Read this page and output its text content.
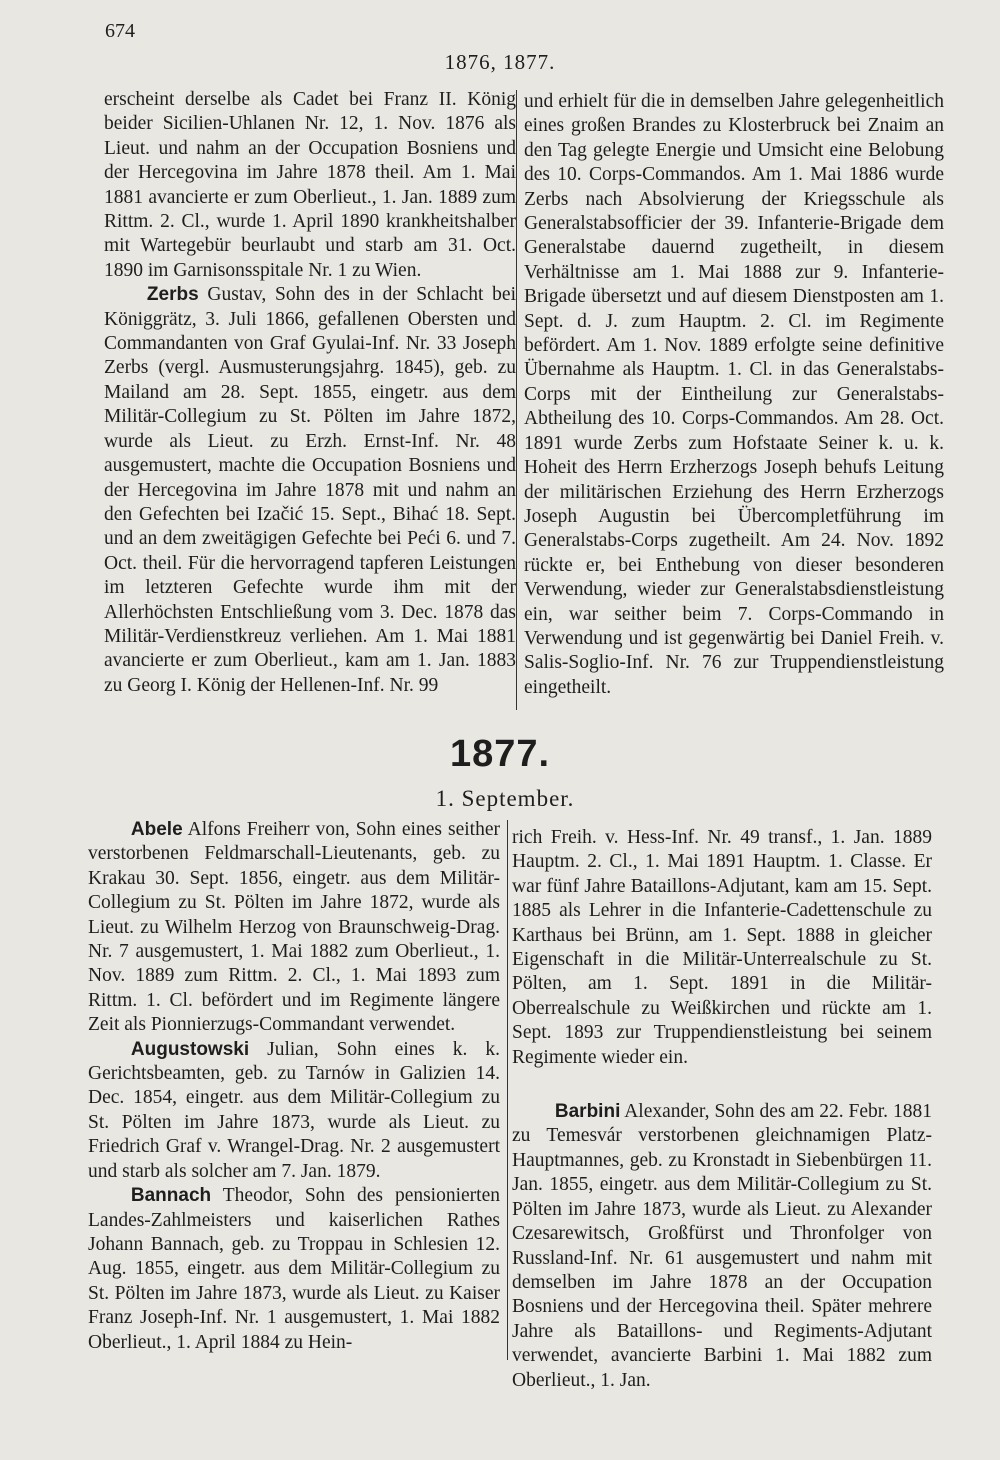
674
1876, 1877.

erscheint derselbe als Cadet bei Franz II. König beider Sicilien-Uhlanen Nr. 12, 1. Nov. 1876 als Lieut. und nahm an der Occupation Bosniens und der Hercegovina im Jahre 1878 theil. Am 1. Mai 1881 avancierte er zum Oberlieut., 1. Jan. 1889 zum Rittm. 2. Cl., wurde 1. April 1890 krankheitshalber mit Wartegebür beurlaubt und starb am 31. Oct. 1890 im Garnisonsspitale Nr. 1 zu Wien.

Zerbs Gustav, Sohn des in der Schlacht bei Königgrätz, 3. Juli 1866, gefallenen Obersten und Commandanten von Graf Gyulai-Inf. Nr. 33 Joseph Zerbs (vergl. Ausmusterungsjahrg. 1845), geb. zu Mailand am 28. Sept. 1855, eingetr. aus dem Militär-Collegium zu St. Pölten im Jahre 1872, wurde als Lieut. zu Erzh. Ernst-Inf. Nr. 48 ausgemustert, machte die Occupation Bosniens und der Hercegovina im Jahre 1878 mit und nahm an den Gefechten bei Izačić 15. Sept., Bihać 18. Sept. und an dem zweitägigen Gefechte bei Peći 6. und 7. Oct. theil. Für die hervorragend tapferen Leistungen im letzteren Gefechte wurde ihm mit der Allerhöchsten Entschließung vom 3. Dec. 1878 das Militär-Verdienstkreuz verliehen. Am 1. Mai 1881 avancierte er zum Oberlieut., kam am 1. Jan. 1883 zu Georg I. König der Hellenen-Inf. Nr. 99

und erhielt für die in demselben Jahre gelegenheitlich eines großen Brandes zu Klosterbruck bei Znaim an den Tag gelegte Energie und Umsicht eine Belobung des 10. Corps-Commandos. Am 1. Mai 1886 wurde Zerbs nach Absolvierung der Kriegsschule als Generalstabsofficier der 39. Infanterie-Brigade dem Generalstabe dauernd zugetheilt, in diesem Verhältnisse am 1. Mai 1888 zur 9. Infanterie-Brigade übersetzt und auf diesem Dienstposten am 1. Sept. d. J. zum Hauptm. 2. Cl. im Regimente befördert. Am 1. Nov. 1889 erfolgte seine definitive Übernahme als Hauptm. 1. Cl. in das Generalstabs-Corps mit der Eintheilung zur Generalstabs-Abtheilung des 10. Corps-Commandos. Am 28. Oct. 1891 wurde Zerbs zum Hofstaate Seiner k. u. k. Hoheit des Herrn Erzherzogs Joseph behufs Leitung der militärischen Erziehung des Herrn Erzherzogs Joseph Augustin bei Übercompletführung im Generalstabs-Corps zugetheilt. Am 24. Nov. 1892 rückte er, bei Enthebung von dieser besonderen Verwendung, wieder zur Generalstabsdienstleistung ein, war seither beim 7. Corps-Commando in Verwendung und ist gegenwärtig bei Daniel Freih. v. Salis-Soglio-Inf. Nr. 76 zur Truppendienstleistung eingetheilt.

1877.
1. September.

Abele Alfons Freiherr von, Sohn eines seither verstorbenen Feldmarschall-Lieutenants, geb. zu Krakau 30. Sept. 1856, eingetr. aus dem Militär-Collegium zu St. Pölten im Jahre 1872, wurde als Lieut. zu Wilhelm Herzog von Braunschweig-Drag. Nr. 7 ausgemustert, 1. Mai 1882 zum Oberlieut., 1. Nov. 1889 zum Rittm. 2. Cl., 1. Mai 1893 zum Rittm. 1. Cl. befördert und im Regimente längere Zeit als Pionnierzugs-Commandant verwendet.

Augustowski Julian, Sohn eines k. k. Gerichtsbeamten, geb. zu Tarnów in Galizien 14. Dec. 1854, eingetr. aus dem Militär-Collegium zu St. Pölten im Jahre 1873, wurde als Lieut. zu Friedrich Graf v. Wrangel-Drag. Nr. 2 ausgemustert und starb als solcher am 7. Jan. 1879.

Bannach Theodor, Sohn des pensionierten Landes-Zahlmeisters und kaiserlichen Rathes Johann Bannach, geb. zu Troppau in Schlesien 12. Aug. 1855, eingetr. aus dem Militär-Collegium zu St. Pölten im Jahre 1873, wurde als Lieut. zu Kaiser Franz Joseph-Inf. Nr. 1 ausgemustert, 1. Mai 1882 Oberlieut., 1. April 1884 zu Hein-

rich Freih. v. Hess-Inf. Nr. 49 transf., 1. Jan. 1889 Hauptm. 2. Cl., 1. Mai 1891 Hauptm. 1. Classe. Er war fünf Jahre Bataillons-Adjutant, kam am 15. Sept. 1885 als Lehrer in die Infanterie-Cadettenschule zu Karthaus bei Brünn, am 1. Sept. 1888 in gleicher Eigenschaft in die Militär-Unterrealschule zu St. Pölten, am 1. Sept. 1891 in die Militär-Oberrealschule zu Weißkirchen und rückte am 1. Sept. 1893 zur Truppendienstleistung bei seinem Regimente wieder ein.

Barbini Alexander, Sohn des am 22. Febr. 1881 zu Temesvár verstorbenen gleichnamigen Platz-Hauptmannes, geb. zu Kronstadt in Siebenbürgen 11. Jan. 1855, eingetr. aus dem Militär-Collegium zu St. Pölten im Jahre 1873, wurde als Lieut. zu Alexander Czesarewitsch, Großfürst und Thronfolger von Russland-Inf. Nr. 61 ausgemustert und nahm mit demselben im Jahre 1878 an der Occupation Bosniens und der Hercegovina theil. Später mehrere Jahre als Bataillons- und Regiments-Adjutant verwendet, avancierte Barbini 1. Mai 1882 zum Oberlieut., 1. Jan.
